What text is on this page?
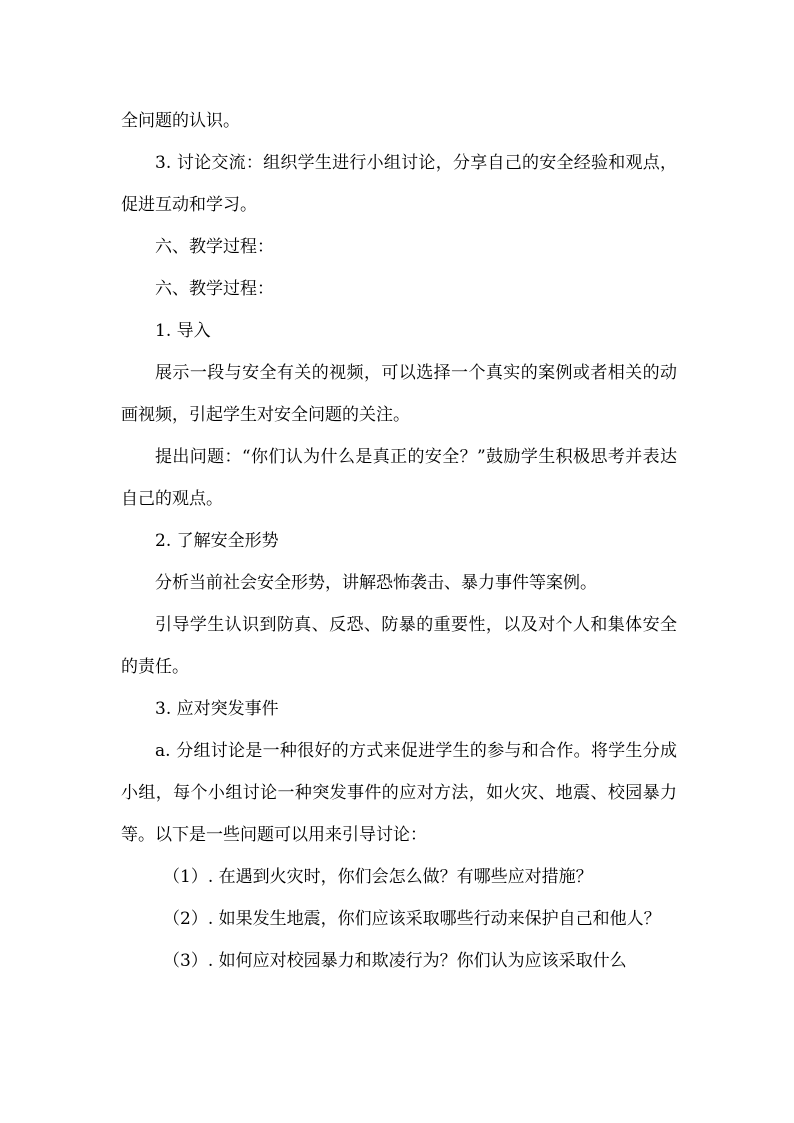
全问题的认识。

3. 讨论交流：组织学生进行小组讨论，分享自己的安全经验和观点，促进互动和学习。

六、教学过程：

六、教学过程：

1. 导入

展示一段与安全有关的视频，可以选择一个真实的案例或者相关的动画视频，引起学生对安全问题的关注。

提出问题：“你们认为什么是真正的安全？”鼓励学生积极思考并表达自己的观点。

2. 了解安全形势

分析当前社会安全形势，讲解恐怖袭击、暴力事件等案例。

引导学生认识到防真、反恐、防暴的重要性，以及对个人和集体安全的责任。

3. 应对突发事件

a. 分组讨论是一种很好的方式来促进学生的参与和合作。将学生分成小组，每个小组讨论一种突发事件的应对方法，如火灾、地震、校园暴力等。以下是一些问题可以用来引导讨论：

（1）. 在遇到火灾时，你们会怎么做？有哪些应对措施？

（2）. 如果发生地震，你们应该采取哪些行动来保护自己和他人？

（3）. 如何应对校园暴力和欺凌行为？你们认为应该采取什么
